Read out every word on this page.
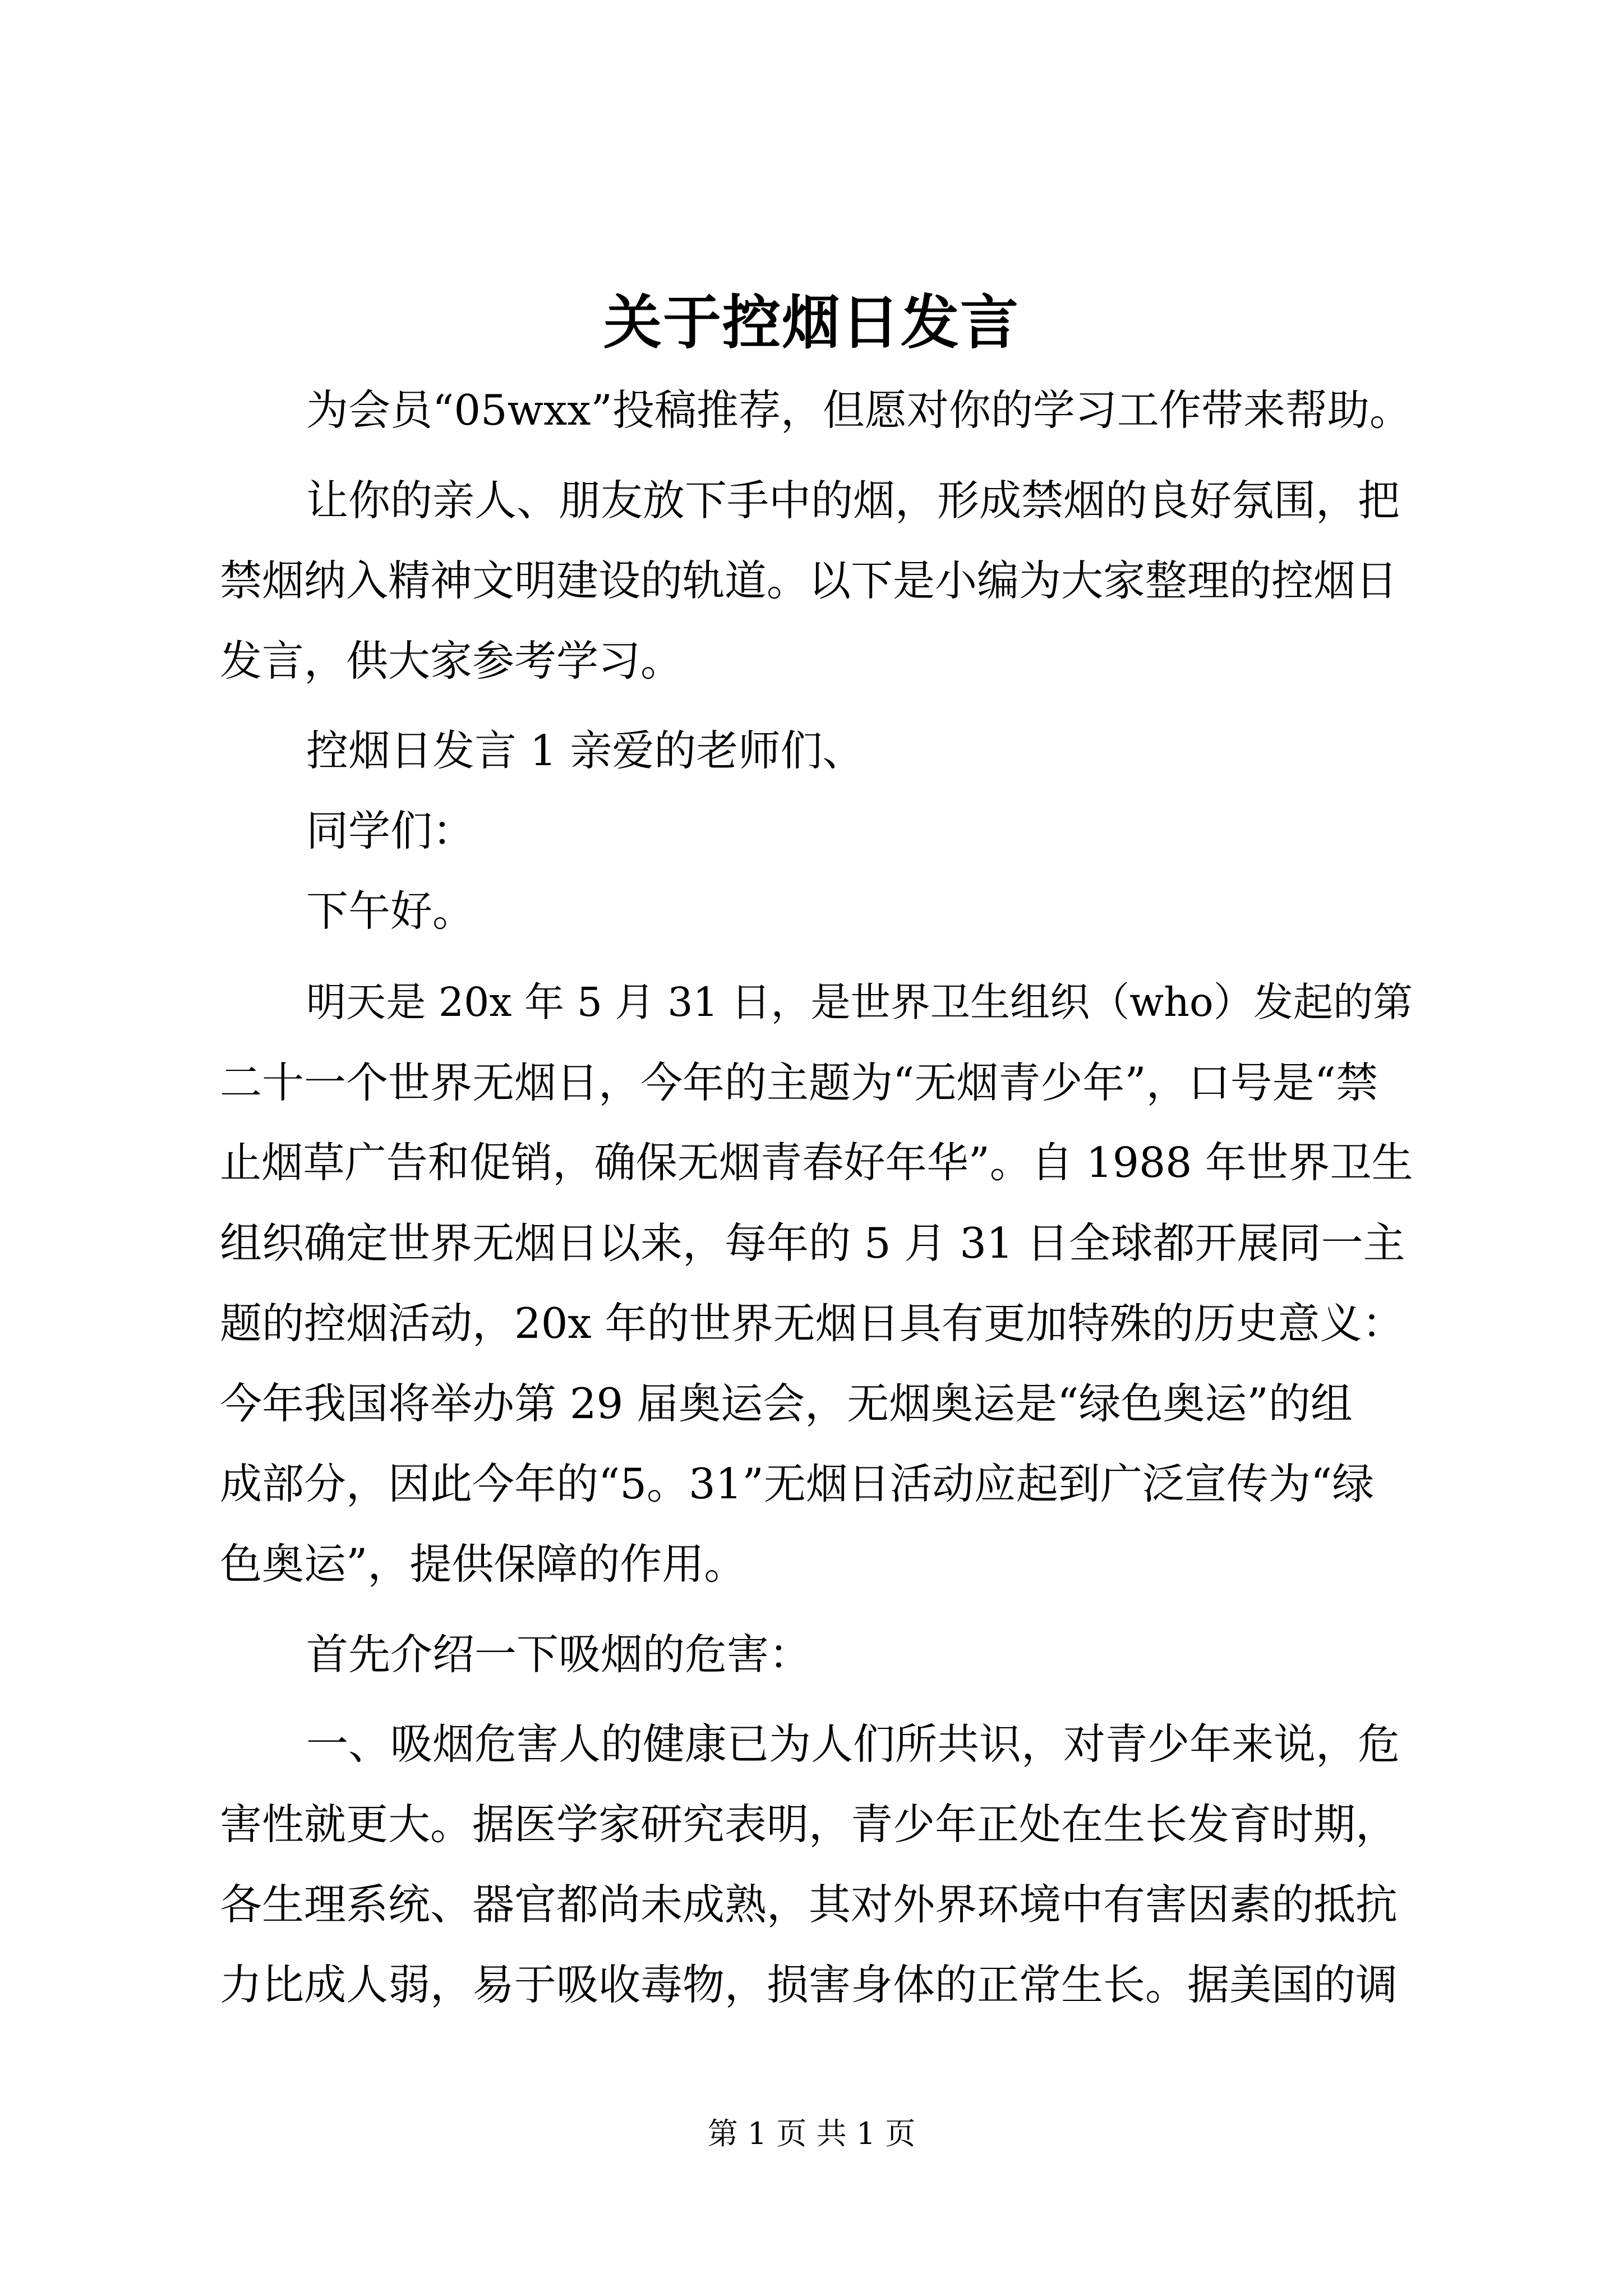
关于控烟日发言
为会员“05wxx”投稿推荐，但愿对你的学习工作带来帮助。
让你的亲人、朋友放下手中的烟，形成禁烟的良好氛围，把
禁烟纳入精神文明建设的轨道。以下是小编为大家整理的控烟日
发言，供大家参考学习。
控烟日发言 1 亲爱的老师们、
同学们：
下午好。
明天是 20x 年 5 月 31 日，是世界卫生组织（who）发起的第
二十一个世界无烟日，今年的主题为“无烟青少年”，口号是“禁
止烟草广告和促销，确保无烟青春好年华”。自 1988 年世界卫生
组织确定世界无烟日以来，每年的 5 月 31 日全球都开展同一主
题的控烟活动，20x 年的世界无烟日具有更加特殊的历史意义：
今年我国将举办第 29 届奥运会，无烟奥运是“绿色奥运”的组
成部分，因此今年的“5。31”无烟日活动应起到广泛宣传为“绿
色奥运”，提供保障的作用。
首先介绍一下吸烟的危害：
一、吸烟危害人的健康已为人们所共识，对青少年来说，危
害性就更大。据医学家研究表明，青少年正处在生长发育时期，
各生理系统、器官都尚未成熟，其对外界环境中有害因素的抵抗
力比成人弱，易于吸收毒物，损害身体的正常生长。据美国的调
第 1 页 共 1 页
